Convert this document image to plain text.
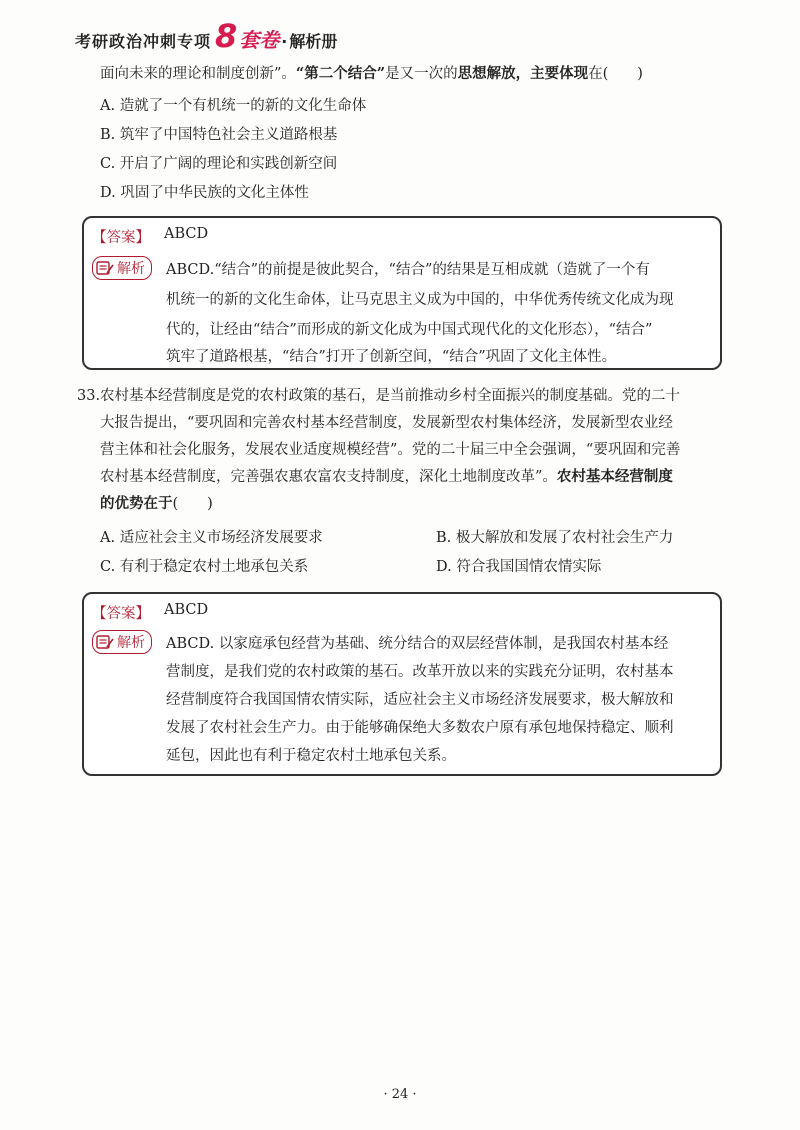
考研政治冲刺专项 8 套卷 · 解析册
面向未来的理论和制度创新”。“第二个结合”是又一次的思想解放，主要体现在(　　)
A. 造就了一个有机统一的新的文化生命体
B. 筑牢了中国特色社会主义道路根基
C. 开启了广阔的理论和实践创新空间
D. 巩固了中华民族的文化主体性
【答案】 ABCD
解析 ABCD.“结合”的前提是彼此契合，“结合”的结果是互相成就（造就了一个有
机统一的新的文化生命体，让马克思主义成为中国的，中华优秀传统文化成为现
代的，让经由“结合”而形成的新文化成为中国式现代化的文化形态），“结合”
筑牢了道路根基，“结合”打开了创新空间，“结合”巩固了文化主体性。
33. 农村基本经营制度是党的农村政策的基石，是当前推动乡村全面振兴的制度基础。党的二十
大报告提出，“要巩固和完善农村基本经营制度，发展新型农村集体经济，发展新型农业经
营主体和社会化服务，发展农业适度规模经营”。党的二十届三中全会强调，“要巩固和完善
农村基本经营制度，完善强农惠农富农支持制度，深化土地制度改革”。农村基本经营制度
的优势在于(　　)
A. 适应社会主义市场经济发展要求	B. 极大解放和发展了农村社会生产力
C. 有利于稳定农村土地承包关系	D. 符合我国国情农情实际
【答案】 ABCD
解析 ABCD. 以家庭承包经营为基础、统分结合的双层经营体制，是我国农村基本经
营制度，是我们党的农村政策的基石。改革开放以来的实践充分证明，农村基本
经营制度符合我国国情农情实际，适应社会主义市场经济发展要求，极大解放和
发展了农村社会生产力。由于能够确保绝大多数农户原有承包地保持稳定、顺利
延包，因此也有利于稳定农村土地承包关系。
· 24 ·
